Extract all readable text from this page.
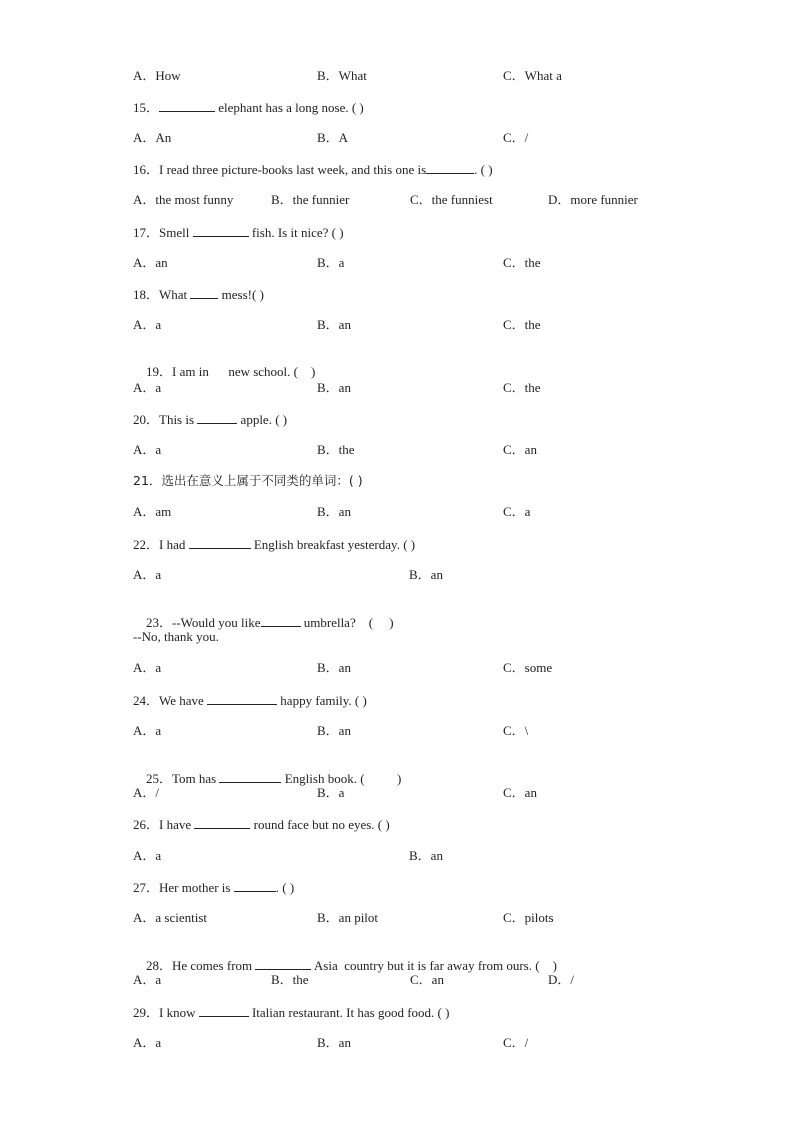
A．How	B．What	C．What a
15．	elephant has a long nose. ( )
A．An	B．A	C．/
16．I read three picture-books last week, and this one is	. ( )
A．the most funny	B．the funnier	C．the funniest	D．more funnier
17．Smell	fish. Is it nice? ( )
A．an	B．a	C．the
18．What  mess!( )
A．a	B．an	C．the

19．I am in      new school. (    )

A．a	B．an	C．the
20．This is	apple. ( )
A．a	B．the	C．an
21．选出在意义上属于不同类的单词：( )
A．am	B．an	C．a
22．I had	English breakfast yesterday. ( )
A．a	B．an

23．--Would you like	umbrella?    (     )

--No, thank you.
A．a	B．an	C．some
24．We have	happy family. ( )
A．a	B．an	C．\

25．Tom has	English book. (          )

A．/	B．a	C．an
26．I have	round face but no eyes. ( )
A．a	B．an
27．Her mother is	. ( )
A．a scientist	B．an pilot	C．pilots

28．He comes from	Asia  country but it is far away from ours. (    )

A．a	B．the	C．an	D．/
29．I know	Italian restaurant. It has good food. ( )
A．a	B．an	C．/
